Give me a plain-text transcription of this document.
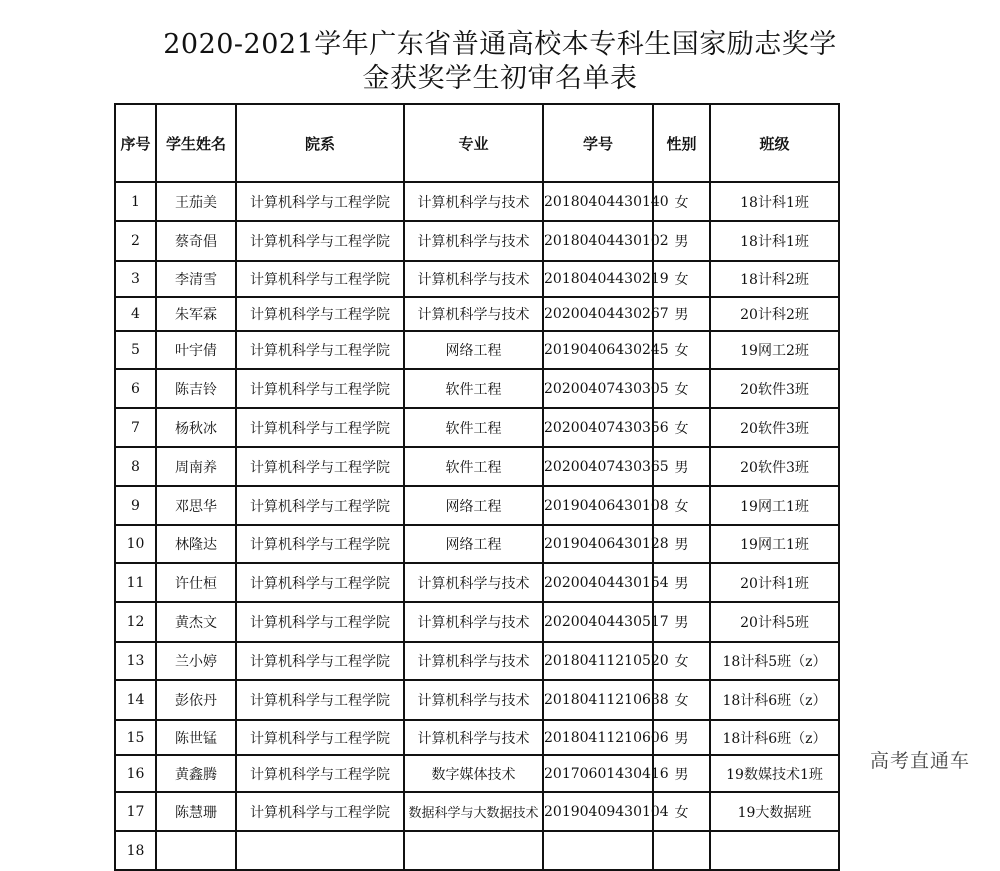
2020-2021学年广东省普通高校本专科生国家励志奖学
金获奖学生初审名单表
序号	学生姓名	院系	专业	学号	性别	班级
1	王茄美	计算机科学与工程学院	计算机科学与技术	20180404430140	女	18计科1班
2	蔡奇倡	计算机科学与工程学院	计算机科学与技术	20180404430102	男	18计科1班
3	李清雪	计算机科学与工程学院	计算机科学与技术	20180404430219	女	18计科2班
4	朱军霖	计算机科学与工程学院	计算机科学与技术	20200404430267	男	20计科2班
5	叶宇倩	计算机科学与工程学院	网络工程	20190406430245	女	19网工2班
6	陈吉铃	计算机科学与工程学院	软件工程	20200407430305	女	20软件3班
7	杨秋冰	计算机科学与工程学院	软件工程	20200407430356	女	20软件3班
8	周南养	计算机科学与工程学院	软件工程	20200407430365	男	20软件3班
9	邓思华	计算机科学与工程学院	网络工程	20190406430108	女	19网工1班
10	林隆达	计算机科学与工程学院	网络工程	20190406430128	男	19网工1班
11	许仕桓	计算机科学与工程学院	计算机科学与技术	20200404430154	男	20计科1班
12	黄杰文	计算机科学与工程学院	计算机科学与技术	20200404430517	男	20计科5班
13	兰小婷	计算机科学与工程学院	计算机科学与技术	20180411210520	女	18计科5班（z）
14	彭依丹	计算机科学与工程学院	计算机科学与技术	20180411210638	女	18计科6班（z）
15	陈世锰	计算机科学与工程学院	计算机科学与技术	20180411210606	男	18计科6班（z）
16	黄鑫腾	计算机科学与工程学院	数字媒体技术	20170601430416	男	19数媒技术1班
17	陈慧珊	计算机科学与工程学院	数据科学与大数据技术	20190409430104	女	19大数据班
18						
高考直通车
